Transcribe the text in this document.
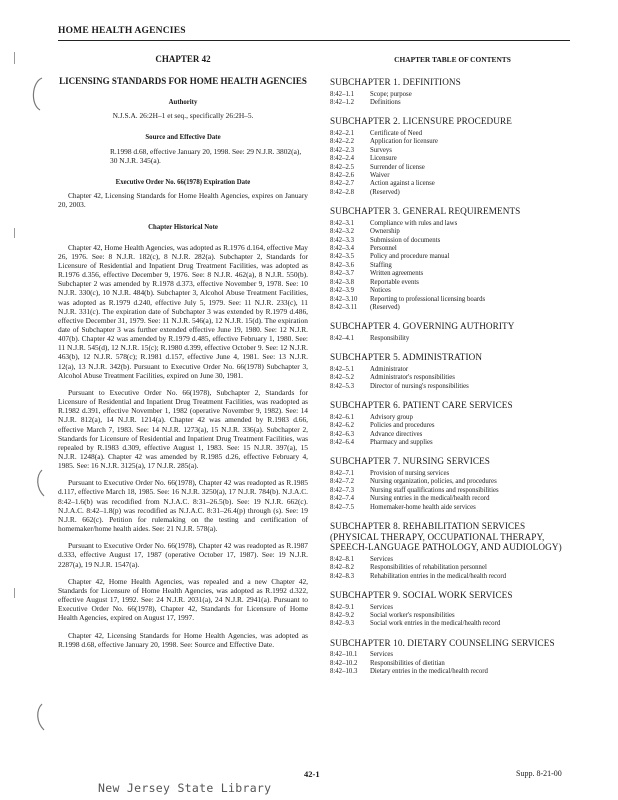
HOME HEALTH AGENCIES
CHAPTER 42
LICENSING STANDARDS FOR HOME HEALTH AGENCIES
Authority
N.J.S.A. 26:2H–1 et seq., specifically 26:2H–5.
Source and Effective Date
R.1998 d.68, effective January 20, 1998. See: 29 N.J.R. 3802(a), 30 N.J.R. 345(a).
Executive Order No. 66(1978) Expiration Date
Chapter 42, Licensing Standards for Home Health Agencies, expires on January 20, 2003.
Chapter Historical Note
Chapter 42, Home Health Agencies, was adopted as R.1976 d.164, effective May 26, 1976. See: 8 N.J.R. 182(c), 8 N.J.R. 282(a). Subchapter 2, Standards for Licensure of Residential and Inpatient Drug Treatment Facilities, was adopted as R.1976 d.356, effective December 9, 1976. See: 8 N.J.R. 462(a), 8 N.J.R. 550(b). Subchapter 2 was amended by R.1978 d.373, effective November 9, 1978. See: 10 N.J.R. 330(c), 10 N.J.R. 484(b). Subchapter 3, Alcohol Abuse Treatment Facilities, was adopted as R.1979 d.240, effective July 5, 1979. See: 11 N.J.R. 233(c), 11 N.J.R. 331(c). The expiration date of Subchapter 3 was extended by R.1979 d.486, effective December 31, 1979. See: 11 N.J.R. 546(a), 12 N.J.R. 15(d). The expiration date of Subchapter 3 was further extended effective June 19, 1980. See: 12 N.J.R. 407(b). Chapter 42 was amended by R.1979 d.485, effective February 1, 1980. See: 11 N.J.R. 545(d), 12 N.J.R. 15(c); R.1980 d.399, effective October 9. See: 12 N.J.R. 463(b), 12 N.J.R. 578(c); R.1981 d.157, effective June 4, 1981. See: 13 N.J.R. 12(a), 13 N.J.R. 342(b). Pursuant to Executive Order No. 66(1978) Subchapter 3, Alcohol Abuse Treatment Facilities, expired on June 30, 1981.
Pursuant to Executive Order No. 66(1978), Subchapter 2, Standards for Licensure of Residential and Inpatient Drug Treatment Facilities, was readopted as R.1982 d.391, effective November 1, 1982 (operative November 9, 1982). See: 14 N.J.R. 812(a), 14 N.J.R. 1214(a). Chapter 42 was amended by R.1983 d.66, effective March 7, 1983. See: 14 N.J.R. 1273(a), 15 N.J.R. 336(a). Subchapter 2, Standards for Licensure of Residential and Inpatient Drug Treatment Facilities, was repealed by R.1983 d.309, effective August 1, 1983. See: 15 N.J.R. 397(a), 15 N.J.R. 1248(a). Chapter 42 was amended by R.1985 d.26, effective February 4, 1985. See: 16 N.J.R. 3125(a), 17 N.J.R. 285(a).
Pursuant to Executive Order No. 66(1978), Chapter 42 was readopted as R.1985 d.117, effective March 18, 1985. See: 16 N.J.R. 3250(a), 17 N.J.R. 784(b). N.J.A.C. 8:42–1.6(b) was recodified from N.J.A.C. 8:31–26.5(b). See: 19 N.J.R. 662(c). N.J.A.C. 8:42–1.8(p) was recodified as N.J.A.C. 8:31–26.4(p) through (s). See: 19 N.J.R. 662(c). Petition for rulemaking on the testing and certification of homemaker/home health aides. See: 21 N.J.R. 578(a).
Pursuant to Executive Order No. 66(1978), Chapter 42 was readopted as R.1987 d.333, effective August 17, 1987 (operative October 17, 1987). See: 19 N.J.R. 2287(a), 19 N.J.R. 1547(a).
Chapter 42, Home Health Agencies, was repealed and a new Chapter 42, Standards for Licensure of Home Health Agencies, was adopted as R.1992 d.322, effective August 17, 1992. See: 24 N.J.R. 2031(a), 24 N.J.R. 2941(a). Pursuant to Executive Order No. 66(1978), Chapter 42, Standards for Licensure of Home Health Agencies, expired on August 17, 1997.
Chapter 42, Licensing Standards for Home Health Agencies, was adopted as R.1998 d.68, effective January 20, 1998. See: Source and Effective Date.
CHAPTER TABLE OF CONTENTS
SUBCHAPTER 1. DEFINITIONS
8:42–1.1	Scope; purpose
8:42–1.2	Definitions
SUBCHAPTER 2. LICENSURE PROCEDURE
8:42–2.1	Certificate of Need
8:42–2.2	Application for licensure
8:42–2.3	Surveys
8:42–2.4	Licensure
8:42–2.5	Surrender of license
8:42–2.6	Waiver
8:42–2.7	Action against a license
8:42–2.8	(Reserved)
SUBCHAPTER 3. GENERAL REQUIREMENTS
8:42–3.1	Compliance with rules and laws
8:42–3.2	Ownership
8:42–3.3	Submission of documents
8:42–3.4	Personnel
8:42–3.5	Policy and procedure manual
8:42–3.6	Staffing
8:42–3.7	Written agreements
8:42–3.8	Reportable events
8:42–3.9	Notices
8:42–3.10	Reporting to professional licensing boards
8:42–3.11	(Reserved)
SUBCHAPTER 4. GOVERNING AUTHORITY
8:42–4.1	Responsibility
SUBCHAPTER 5. ADMINISTRATION
8:42–5.1	Administrator
8:42–5.2	Administrator's responsibilities
8:42–5.3	Director of nursing's responsibilities
SUBCHAPTER 6. PATIENT CARE SERVICES
8:42–6.1	Advisory group
8:42–6.2	Policies and procedures
8:42–6.3	Advance directives
8:42–6.4	Pharmacy and supplies
SUBCHAPTER 7. NURSING SERVICES
8:42–7.1	Provision of nursing services
8:42–7.2	Nursing organization, policies, and procedures
8:42–7.3	Nursing staff qualifications and responsibilities
8:42–7.4	Nursing entries in the medical/health record
8:42–7.5	Homemaker-home health aide services
SUBCHAPTER 8. REHABILITATION SERVICES (PHYSICAL THERAPY, OCCUPATIONAL THERAPY, SPEECH-LANGUAGE PATHOLOGY, AND AUDIOLOGY)
8:42–8.1	Services
8:42–8.2	Responsibilities of rehabilitation personnel
8:42–8.3	Rehabilitation entries in the medical/health record
SUBCHAPTER 9. SOCIAL WORK SERVICES
8:42–9.1	Services
8:42–9.2	Social worker's responsibilities
8:42–9.3	Social work entries in the medical/health record
SUBCHAPTER 10. DIETARY COUNSELING SERVICES
8:42–10.1	Services
8:42–10.2	Responsibilities of dietitian
8:42–10.3	Dietary entries in the medical/health record
42-1	Supp. 8-21-00
New Jersey State Library
